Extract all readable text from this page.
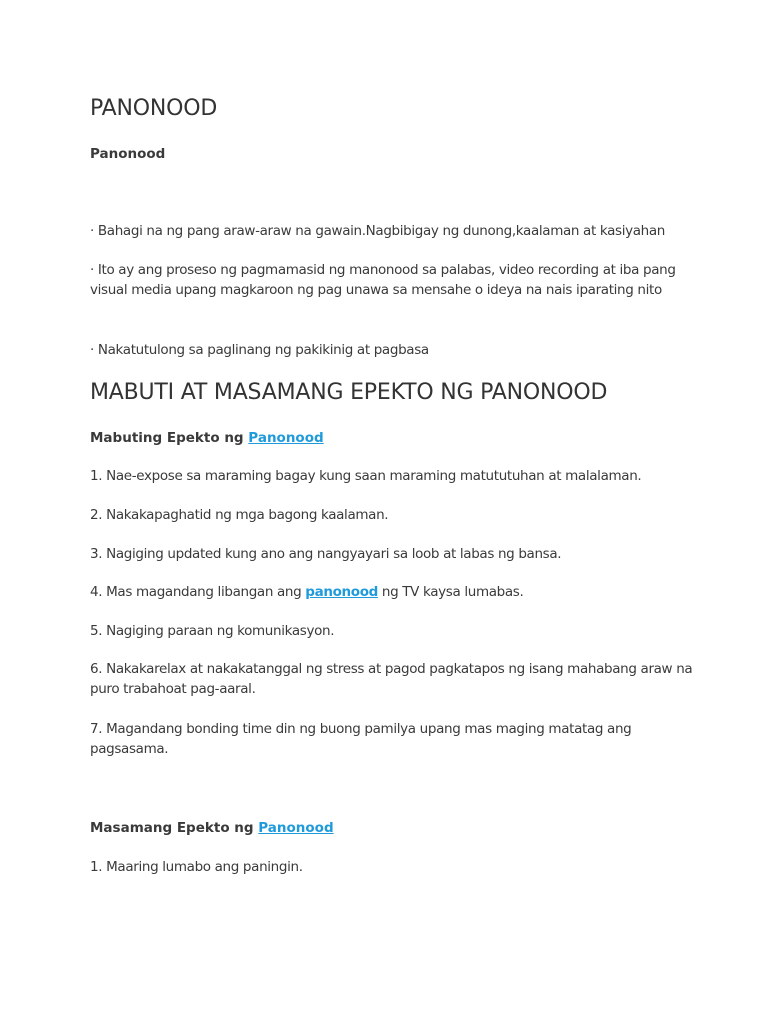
PANONOOD
Panonood

· Bahagi na ng pang araw-araw na gawain.Nagbibigay ng dunong,kaalaman at kasiyahan

· Ito ay ang proseso ng pagmamasid ng manonood sa palabas, video recording at iba pang visual media upang magkaroon ng pag unawa sa mensahe o ideya na nais iparating nito

· Nakatutulong sa paglinang ng pakikinig at pagbasa

MABUTI AT MASAMANG EPEKTO NG PANONOOD
Mabuting Epekto ng Panonood

1. Nae-expose sa maraming bagay kung saan maraming matututuhan at malalaman.

2. Nakakapaghatid ng mga bagong kaalaman.

3. Nagiging updated kung ano ang nangyayari sa loob at labas ng bansa.

4. Mas magandang libangan ang panonood ng TV kaysa lumabas.

5. Nagiging paraan ng komunikasyon.

6. Nakakarelax at nakakatanggal ng stress at pagod pagkatapos ng isang mahabang araw na puro trabahoat pag-aaral.

7. Magandang bonding time din ng buong pamilya upang mas maging matatag ang pagsasama.

Masamang Epekto ng Panonood

1. Maaring lumabo ang paningin.
